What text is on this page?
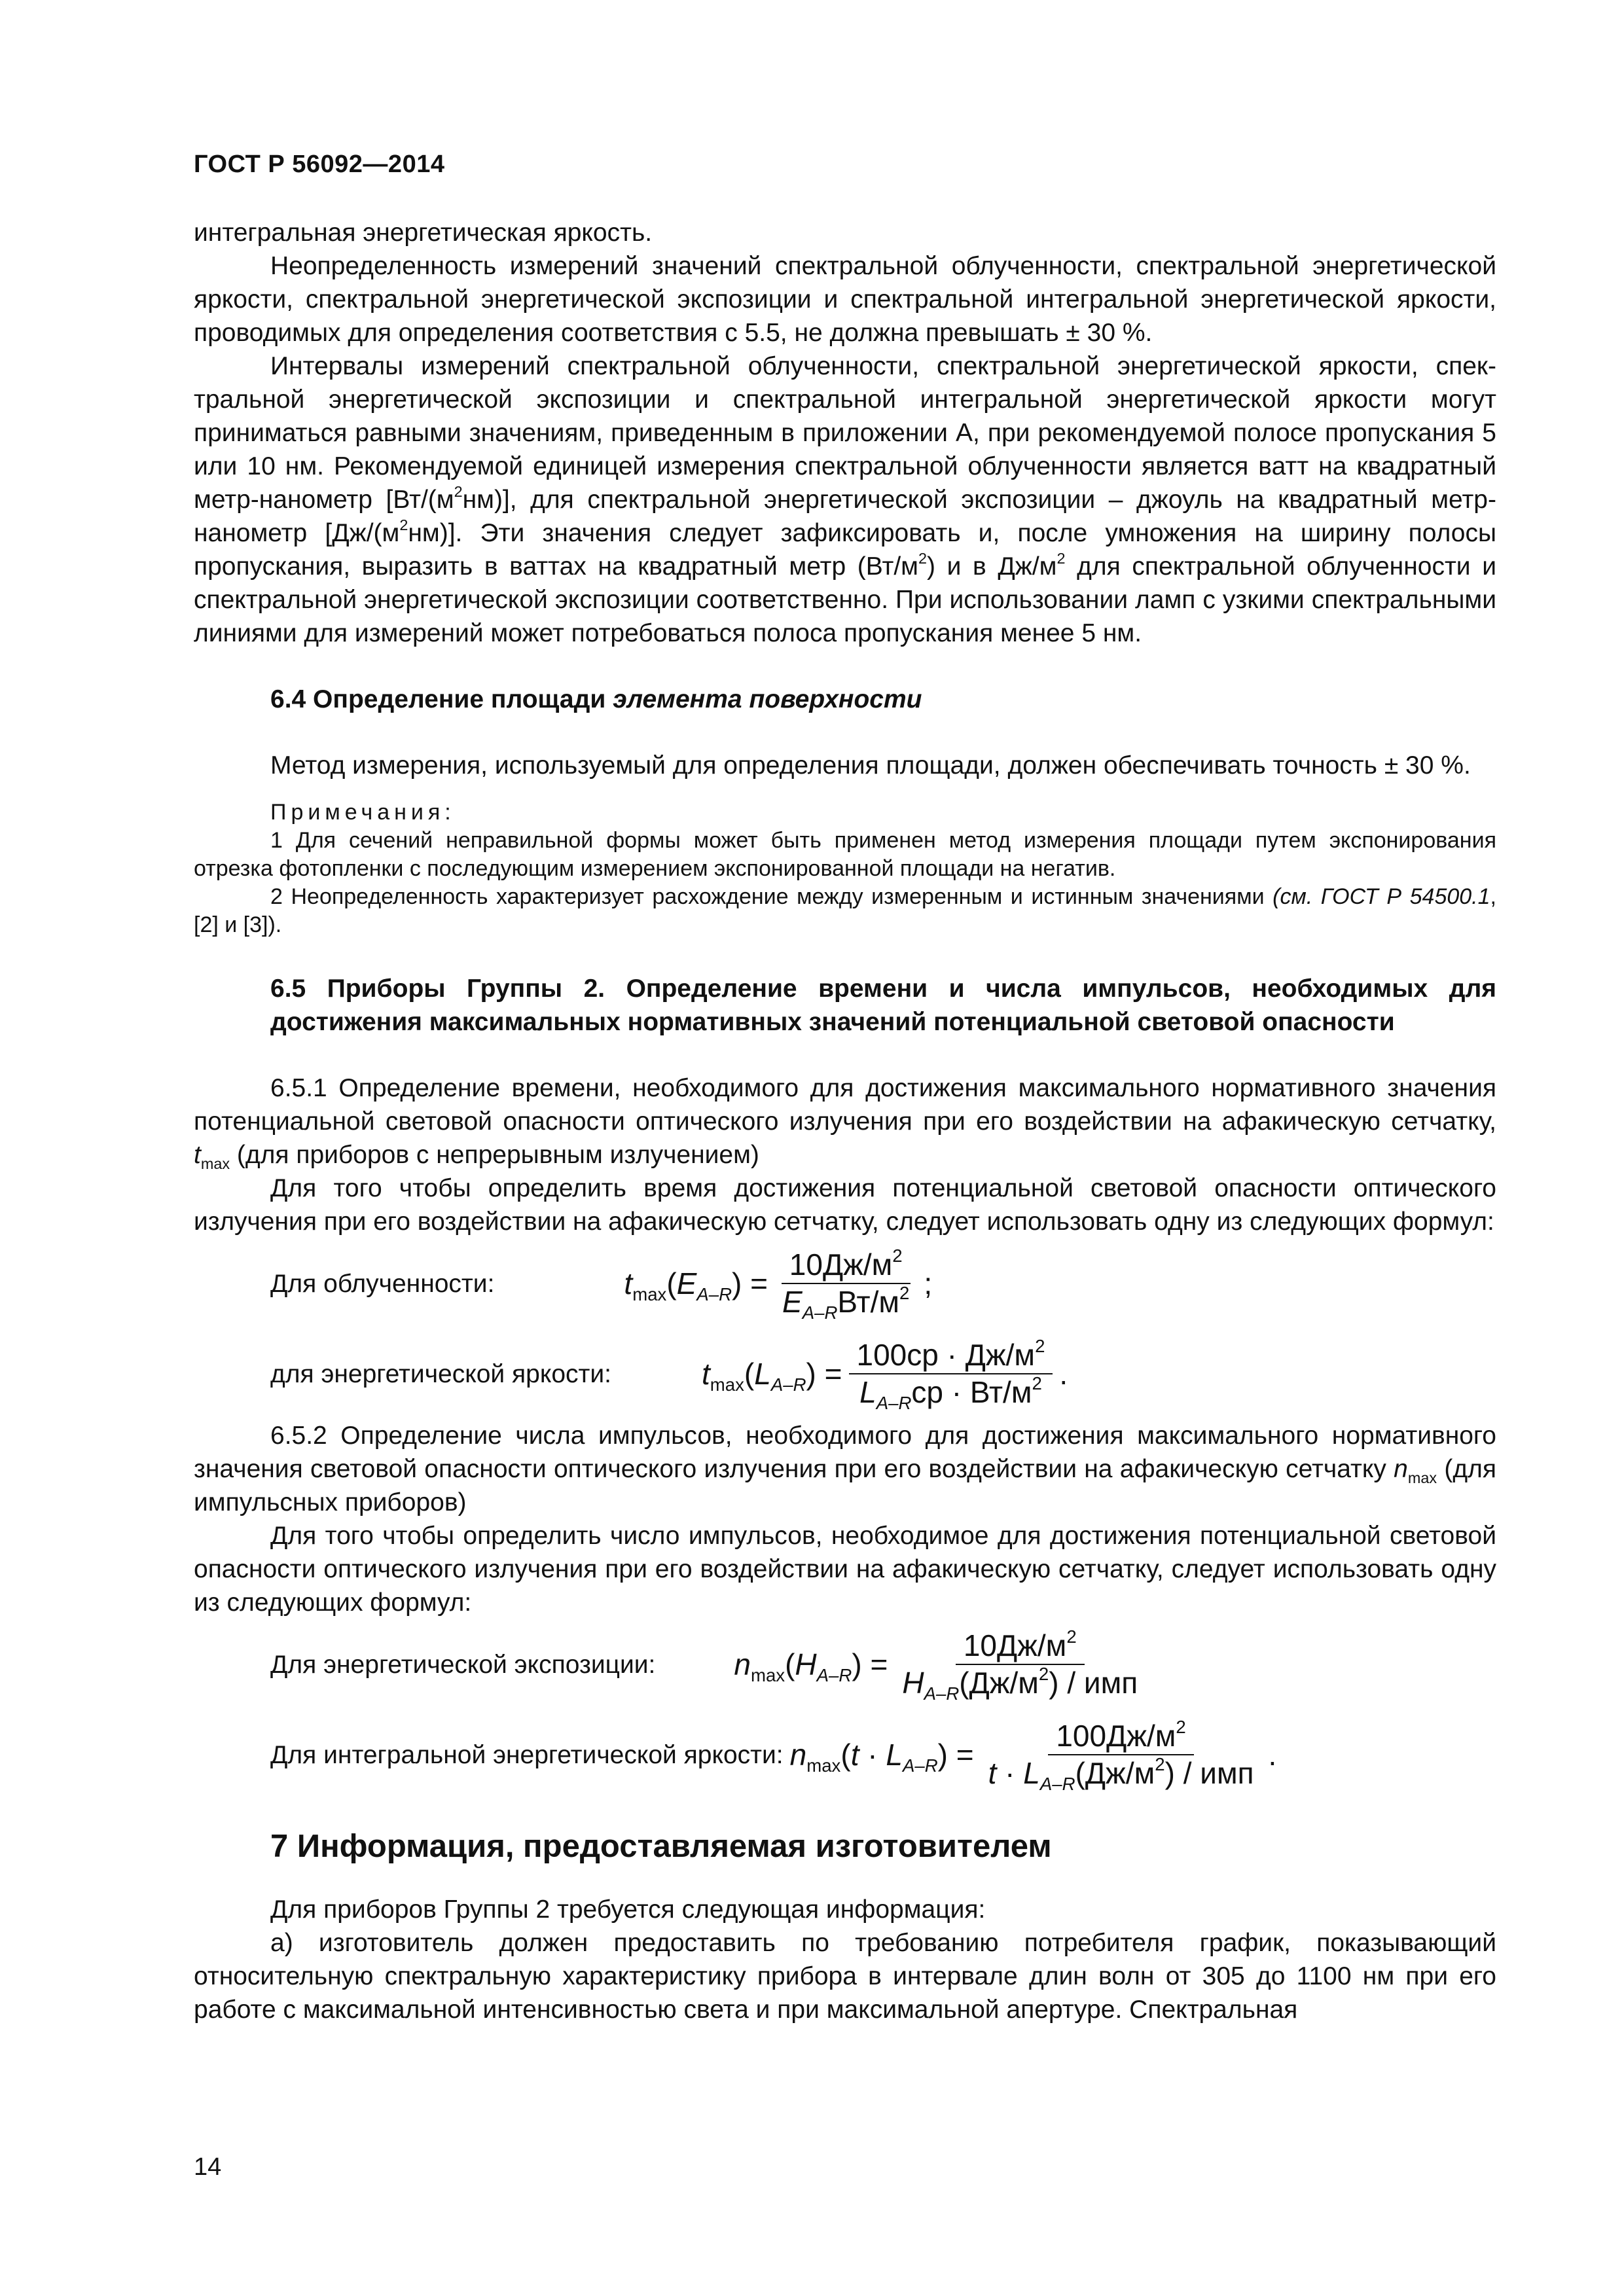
ГОСТ Р 56092—2014

интегральная энергетическая яркость.

Неопределенность измерений значений спектральной облученности, спектральной энергетической яркости, спектральной энергетической экспозиции и спектральной интегральной энергетической яркости, проводимых для определения соответствия с 5.5, не должна превышать ± 30 %.

Интервалы измерений спектральной облученности, спектральной энергетической яркости, спектральной энергетической экспозиции и спектральной интегральной энергетической яркости могут приниматься равными значениям, приведенным в приложении А, при рекомендуемой полосе пропускания 5 или 10 нм. Рекомендуемой единицей измерения спектральной облученности является ватт на квадратный метр-нанометр $[Вт/(м^2нм)]$, для спектральной энергетической экспозиции – джоуль на квадратный метр-нанометр $[Дж/(м^2нм)]$. Эти значения следует зафиксировать и, после умножения на ширину полосы пропускания, выразить в ваттах на квадратный метр $(Вт/м^2)$ и в $Дж/м^2$ для спектральной облученности и спектральной энергетической экспозиции соответственно. При использовании ламп с узкими спектральными линиями для измерений может потребоваться полоса пропускания менее 5 нм.

6.4 Определение площади элемента поверхности

Метод измерения, используемый для определения площади, должен обеспечивать точность ± 30 %.

Примечания:

1 Для сечений неправильной формы может быть применен метод измерения площади путем экспонирования отрезка фотопленки с последующим измерением экспонированной площади на негатив.

2 Неопределенность характеризует расхождение между измеренным и истинным значениями (см. ГОСТ Р 54500.1, [2] и [3]).

6.5 Приборы Группы 2. Определение времени и числа импульсов, необходимых для достижения максимальных нормативных значений потенциальной световой опасности

6.5.1 Определение времени, необходимого для достижения максимального нормативного значения потенциальной световой опасности оптического излучения при его воздействии на афакическую сетчатку, $t_{max}$ (для приборов с непрерывным излучением)

Для того чтобы определить время достижения потенциальной световой опасности оптического излучения при его воздействии на афакическую сетчатку, следует использовать одну из следующих формул:

Для облученности:	$t_{max}(E_{A-R}) = \frac{10Дж/м^2}{E_{A-R}Вт/м^2}$ ;
для энергетической яркости:	$t_{max}(L_{A-R}) = \frac{100ср \cdot Дж/м^2}{L_{A-R}ср \cdot Вт/м^2}$ .

6.5.2 Определение числа импульсов, необходимого для достижения максимального нормативного значения световой опасности оптического излучения при его воздействии на афакическую сетчатку $n_{max}$ (для импульсных приборов)

Для того чтобы определить число импульсов, необходимое для достижения потенциальной световой опасности оптического излучения при его воздействии на афакическую сетчатку, следует использовать одну из следующих формул:

Для энергетической экспозиции:	$n_{max}(H_{A-R}) = \frac{10Дж/м^2}{H_{A-R}(Дж/м^2) / имп}$
Для интегральной энергетической яркости: $n_{max}(t \cdot L_{A-R}) = \frac{100Дж/м^2}{t \cdot L_{A-R}(Дж/м^2) / имп}$ .

7 Информация, предоставляемая изготовителем

Для приборов Группы 2 требуется следующая информация:

а) изготовитель должен предоставить по требованию потребителя график, показывающий относительную спектральную характеристику прибора в интервале длин волн от 305 до 1100 нм при его работе с максимальной интенсивностью света и при максимальной апертуре. Спектральная

14
